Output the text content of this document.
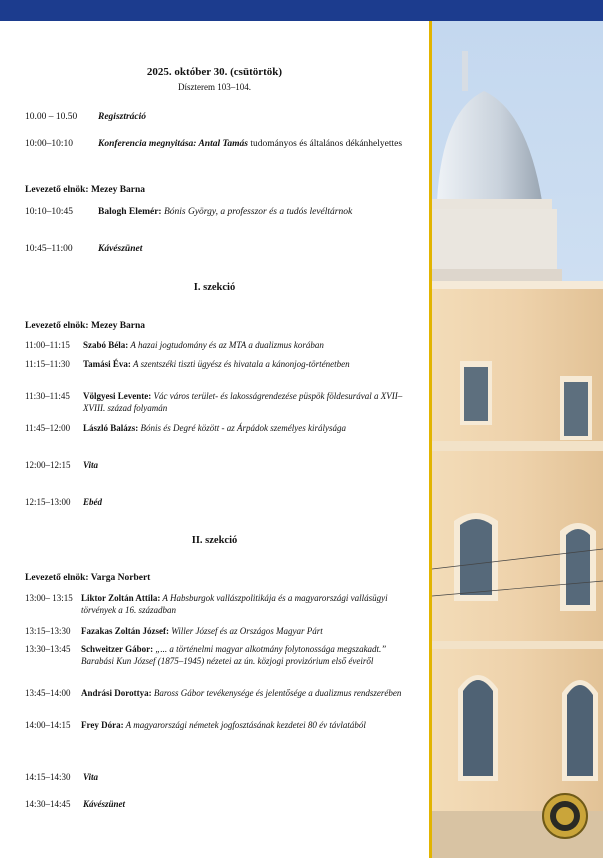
2025. október 30. (csütörtök)
Díszterem 103–104.
10.00 – 10.50 Regisztráció
10:00–10:10	Konferencia megnyitása: Antal Tamás tudományos és általános dékánhelyettes
Levezető elnök: Mezey Barna
10:10–10:45	Balogh Elemér: Bónis György, a professzor és a tudós levéltárnok
10:45–11:00	Kávészünet
I. szekció
Levezető elnök: Mezey Barna
11:00–11:15 Szabó Béla: A hazai jogtudomány és az MTA a dualizmus korában
11:15–11:30 Tamási Éva: A szentszéki tiszti ügyész és hivatala a kánonjog-történetben
11:30–11:45 Völgyesi Levente: Vác város terület- és lakosságrendezése püspök földesurával a XVII–XVIII. század folyamán
11:45–12:00 László Balázs: Bónis és Degré között - az Árpádok személyes királysága
12:00–12:15 Vita
12:15–13:00 Ebéd
II. szekció
Levezető elnök: Varga Norbert
13:00– 13:15 Liktor Zoltán Attila: A Habsburgok vallászpolitikája és a magyarországi vallásügyi törvények a 16. században
13:15–13:30 Fazakas Zoltán József: Willer József és az Országos Magyar Párt
13:30–13:45 Schweitzer Gábor: „... a történelmi magyar alkotmány folytonossága megszakadt.” Barabási Kun József (1875–1945) nézetei az ún. közjogi provizórium első éveiről
13:45–14:00 Andrási Dorottya: Baross Gábor tevékenysége és jelentősége a dualizmus rendszerében
14:00–14:15 Frey Dóra: A magyarországi németek jogfosztásának kezdetei 80 év távlatából
14:15–14:30 Vita
14:30–14:45 Kávészünet
